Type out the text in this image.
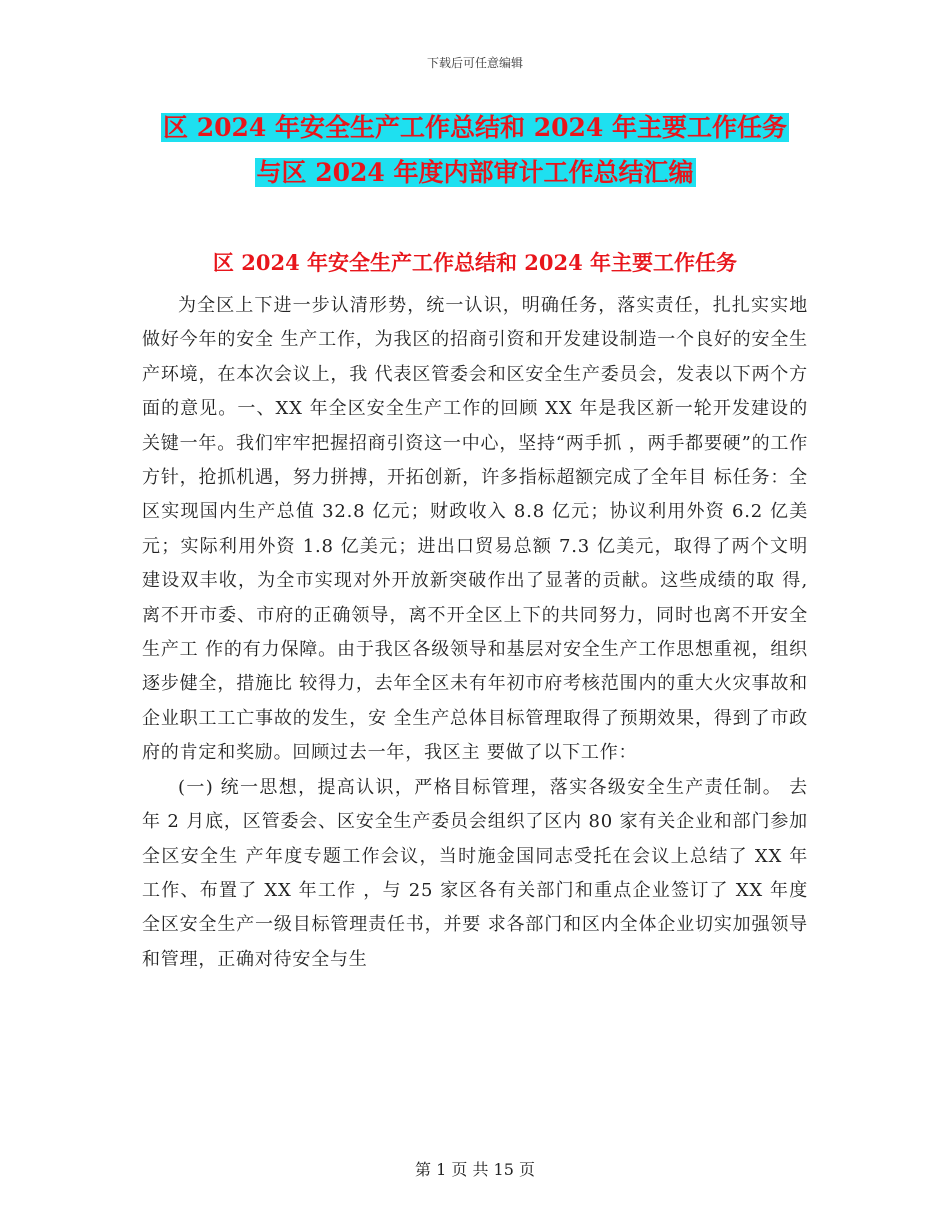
下载后可任意编辑
区 2024 年安全生产工作总结和 2024 年主要工作任务
与区 2024 年度内部审计工作总结汇编
区 2024 年安全生产工作总结和 2024 年主要工作任务

为全区上下进一步认清形势，统一认识，明确任务，落实责任，扎扎实实地做好今年的安全 生产工作，为我区的招商引资和开发建设制造一个良好的安全生产环境，在本次会议上，我 代表区管委会和区安全生产委员会，发表以下两个方面的意见。一、XX 年全区安全生产工作的回顾 XX 年是我区新一轮开发建设的关键一年。我们牢牢把握招商引资这一中心，坚持“两手抓 ，两手都要硬”的工作方针，抢抓机遇，努力拼搏，开拓创新，许多指标超额完成了全年目 标任务：全区实现国内生产总值 32.8 亿元；财政收入 8.8 亿元；协议利用外资 6.2 亿美元；实际利用外资 1.8 亿美元；进出口贸易总额 7.3 亿美元，取得了两个文明建设双丰收，为全市实现对外开放新突破作出了显著的贡献。这些成绩的取 得,离不开市委、市府的正确领导，离不开全区上下的共同努力，同时也离不开安全生产工 作的有力保障。由于我区各级领导和基层对安全生产工作思想重视，组织逐步健全，措施比 较得力，去年全区未有年初市府考核范围内的重大火灾事故和企业职工工亡事故的发生，安 全生产总体目标管理取得了预期效果，得到了市政府的肯定和奖励。回顾过去一年，我区主 要做了以下工作：

(一) 统一思想，提高认识，严格目标管理，落实各级安全生产责任制。 去年 2 月底，区管委会、区安全生产委员会组织了区内 80 家有关企业和部门参加全区安全生 产年度专题工作会议，当时施金国同志受托在会议上总结了 XX 年工作、布置了 XX 年工作 ，与 25 家区各有关部门和重点企业签订了 XX 年度全区安全生产一级目标管理责任书，并要 求各部门和区内全体企业切实加强领导和管理，正确对待安全与生

第 1 页 共 15 页
